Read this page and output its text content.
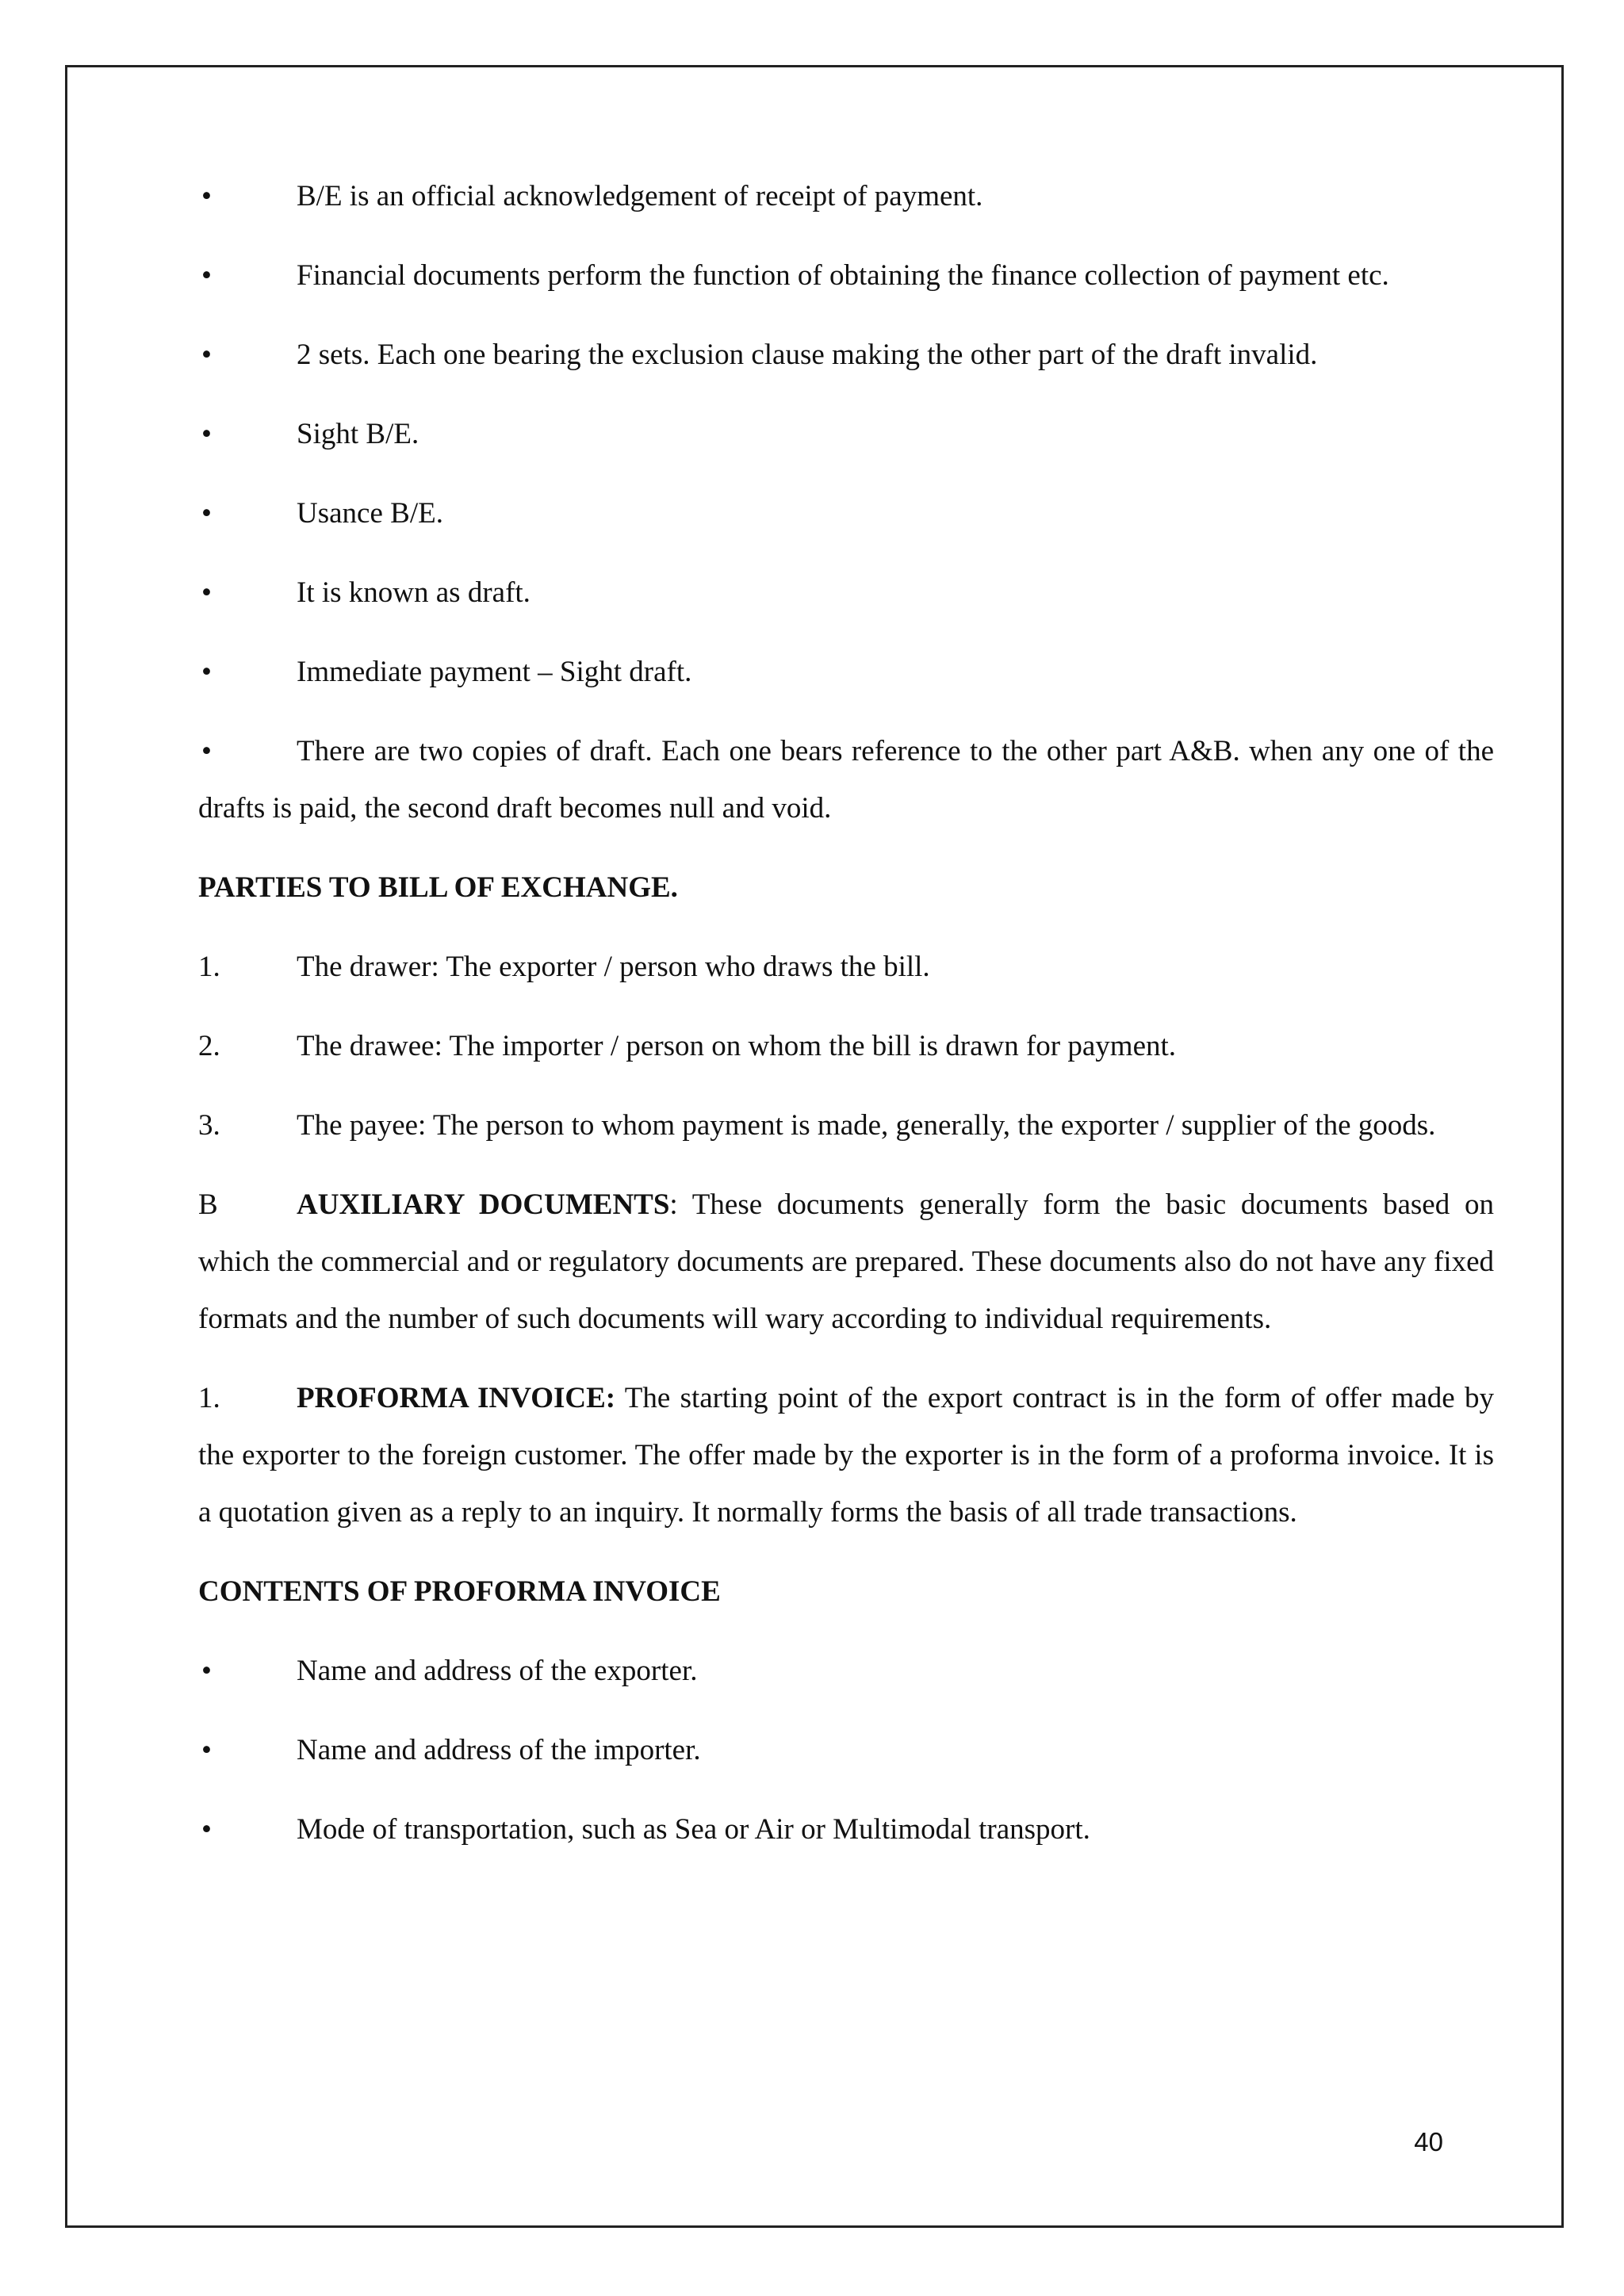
•	B/E is an official acknowledgement of receipt of payment.
•	Financial documents perform the function of obtaining the finance collection of payment etc.
•	2 sets. Each one bearing the exclusion clause making the other part of the draft invalid.
•	Sight B/E.
•	Usance B/E.
•	It is known as draft.
•	Immediate payment – Sight draft.
•	There are two copies of draft. Each one bears reference to the other part A&B. when any one of the drafts is paid, the second draft becomes null and void.
PARTIES TO BILL OF EXCHANGE.
1.	The drawer: The exporter / person who draws the bill.
2.	The drawee: The importer / person on whom the bill is drawn for payment.
3.	The payee: The person to whom payment is made, generally, the exporter / supplier of the goods.
B	AUXILIARY DOCUMENTS: These documents generally form the basic documents based on which the commercial and or regulatory documents are prepared. These documents also do not have any fixed formats and the number of such documents will wary according to individual requirements.
1.	PROFORMA INVOICE: The starting point of the export contract is in the form of offer made by the exporter to the foreign customer. The offer made by the exporter is in the form of a proforma invoice. It is a quotation given as a reply to an inquiry. It normally forms the basis of all trade transactions.
CONTENTS OF PROFORMA INVOICE
•	Name and address of the exporter.
•	Name and address of the importer.
•	Mode of transportation, such as Sea or Air or Multimodal transport.
40
